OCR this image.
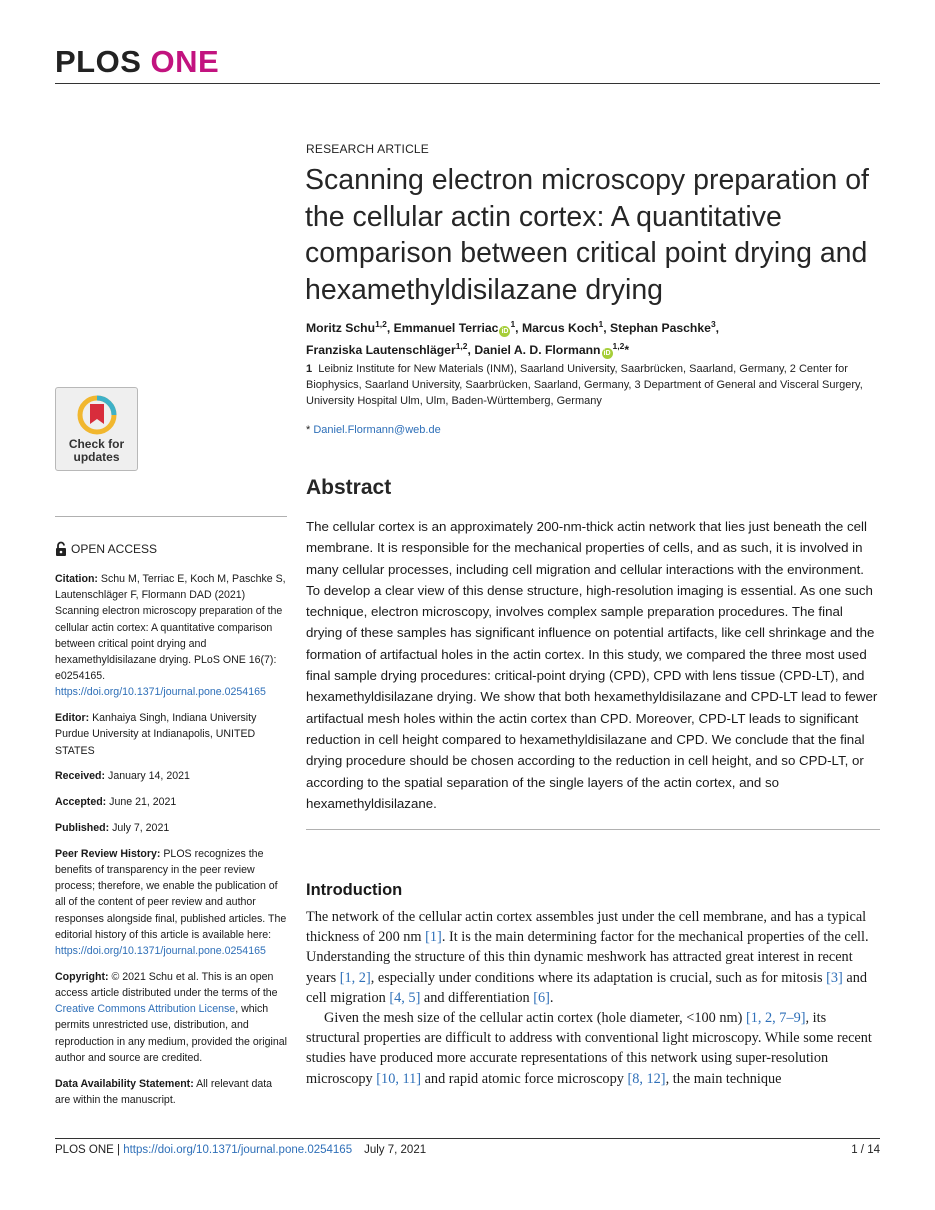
PLOS ONE
Check for
updates
OPEN ACCESS

Citation: Schu M, Terriac E, Koch M, Paschke S, Lautenschläger F, Flormann DAD (2021) Scanning electron microscopy preparation of the cellular actin cortex: A quantitative comparison between critical point drying and hexamethyldisilazane drying. PLoS ONE 16(7): e0254165. https://doi.org/10.1371/journal.pone.0254165

Editor: Kanhaiya Singh, Indiana University Purdue University at Indianapolis, UNITED STATES

Received: January 14, 2021

Accepted: June 21, 2021

Published: July 7, 2021

Peer Review History: PLOS recognizes the benefits of transparency in the peer review process; therefore, we enable the publication of all of the content of peer review and author responses alongside final, published articles. The editorial history of this article is available here: https://doi.org/10.1371/journal.pone.0254165

Copyright: © 2021 Schu et al. This is an open access article distributed under the terms of the Creative Commons Attribution License, which permits unrestricted use, distribution, and reproduction in any medium, provided the original author and source are credited.

Data Availability Statement: All relevant data are within the manuscript.

RESEARCH ARTICLE
Scanning electron microscopy preparation of the cellular actin cortex: A quantitative comparison between critical point drying and hexamethyldisilazane drying
Moritz Schu$^{1,2}$, Emmanuel Terriac $iD^1$, Marcus Koch$^1$, Stephan Paschke$^3$,
Franziska Lautenschläger$^{1,2}$, Daniel A. D. Flormann iD$^{1,2}$*
1 Leibniz Institute for New Materials (INM), Saarland University, Saarbrücken, Saarland, Germany, 2 Center for Biophysics, Saarland University, Saarbrücken, Saarland, Germany, 3 Department of General and Visceral Surgery, University Hospital Ulm, Ulm, Baden-Württemberg, Germany
* Daniel.Flormann@web.de
Abstract

The cellular cortex is an approximately 200-nm-thick actin network that lies just beneath the cell membrane. It is responsible for the mechanical properties of cells, and as such, it is involved in many cellular processes, including cell migration and cellular interactions with the environment. To develop a clear view of this dense structure, high-resolution imaging is essential. As one such technique, electron microscopy, involves complex sample preparation procedures. The final drying of these samples has significant influence on potential artifacts, like cell shrinkage and the formation of artifactual holes in the actin cortex. In this study, we compared the three most used final sample drying procedures: critical-point drying (CPD), CPD with lens tissue (CPD-LT), and hexamethyldisilazane drying. We show that both hexamethyldisilazane and CPD-LT lead to fewer artifactual mesh holes within the actin cortex than CPD. Moreover, CPD-LT leads to significant reduction in cell height compared to hexamethyldisilazane and CPD. We conclude that the final drying procedure should be chosen according to the reduction in cell height, and so CPD-LT, or according to the spatial separation of the single layers of the actin cortex, and so hexamethyldisilazane.

Introduction

The network of the cellular actin cortex assembles just under the cell membrane, and has a typical thickness of 200 nm [1]. It is the main determining factor for the mechanical properties of the cell. Understanding the structure of this thin dynamic meshwork has attracted great interest in recent years [1, 2], especially under conditions where its adaptation is crucial, such as for mitosis [3] and cell migration [4, 5] and differentiation [6].

Given the mesh size of the cellular actin cortex (hole diameter, <100 nm) [1, 2, 7–9], its structural properties are difficult to address with conventional light microscopy. While some recent studies have produced more accurate representations of this network using super-resolution microscopy [10, 11] and rapid atomic force microscopy [8, 12], the main technique

PLOS ONE | https://doi.org/10.1371/journal.pone.0254165 July 7, 2021	1 / 14
